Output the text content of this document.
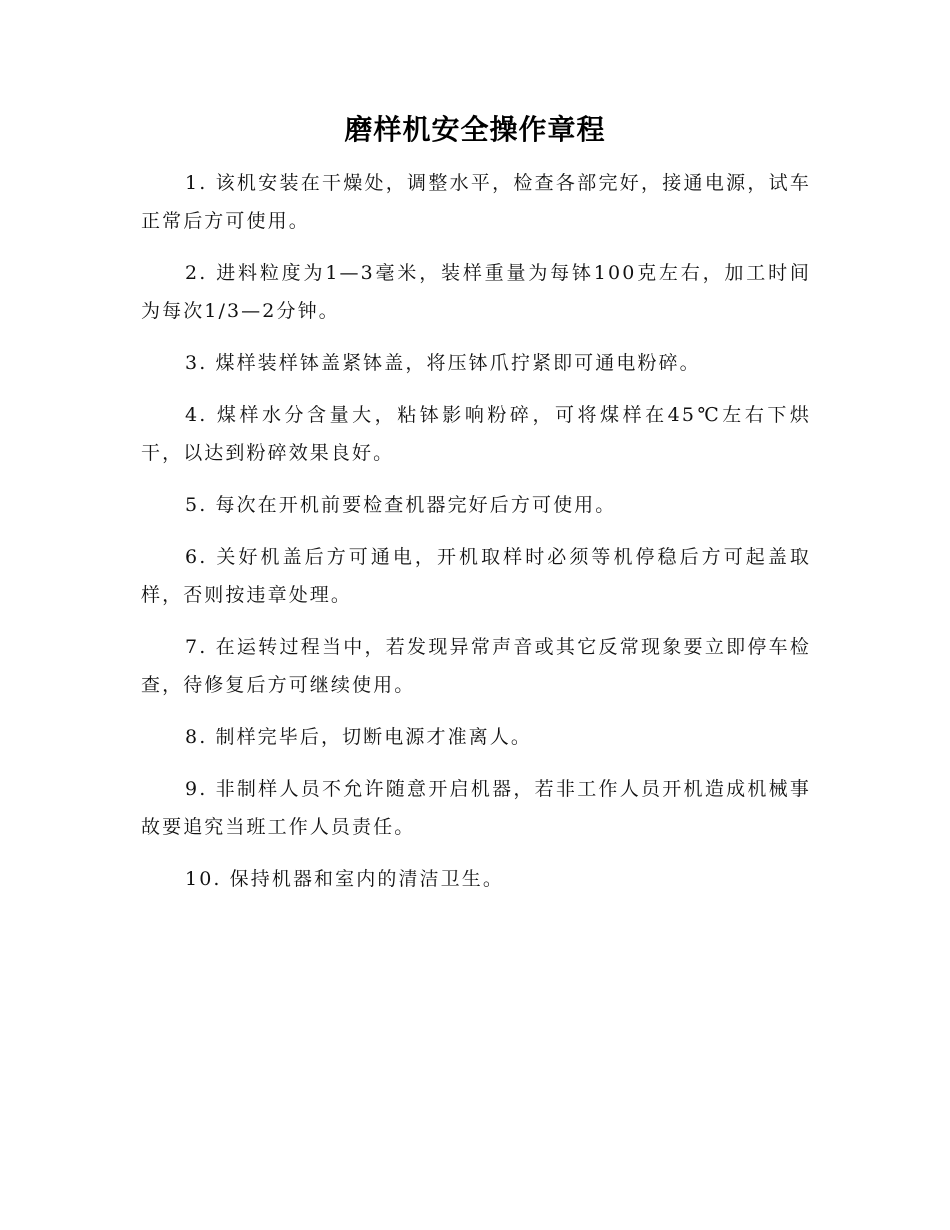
磨样机安全操作章程

1. 该机安装在干燥处，调整水平，检查各部完好，接通电源，试车正常后方可使用。

2. 进料粒度为1—3毫米，装样重量为每钵100克左右，加工时间为每次1/3—2分钟。

3. 煤样装样钵盖紧钵盖，将压钵爪拧紧即可通电粉碎。

4. 煤样水分含量大，粘钵影响粉碎，可将煤样在45℃左右下烘干，以达到粉碎效果良好。

5. 每次在开机前要检查机器完好后方可使用。

6. 关好机盖后方可通电，开机取样时必须等机停稳后方可起盖取样，否则按违章处理。

7. 在运转过程当中，若发现异常声音或其它反常现象要立即停车检查，待修复后方可继续使用。

8. 制样完毕后，切断电源才准离人。

9. 非制样人员不允许随意开启机器，若非工作人员开机造成机械事故要追究当班工作人员责任。

10. 保持机器和室内的清洁卫生。
